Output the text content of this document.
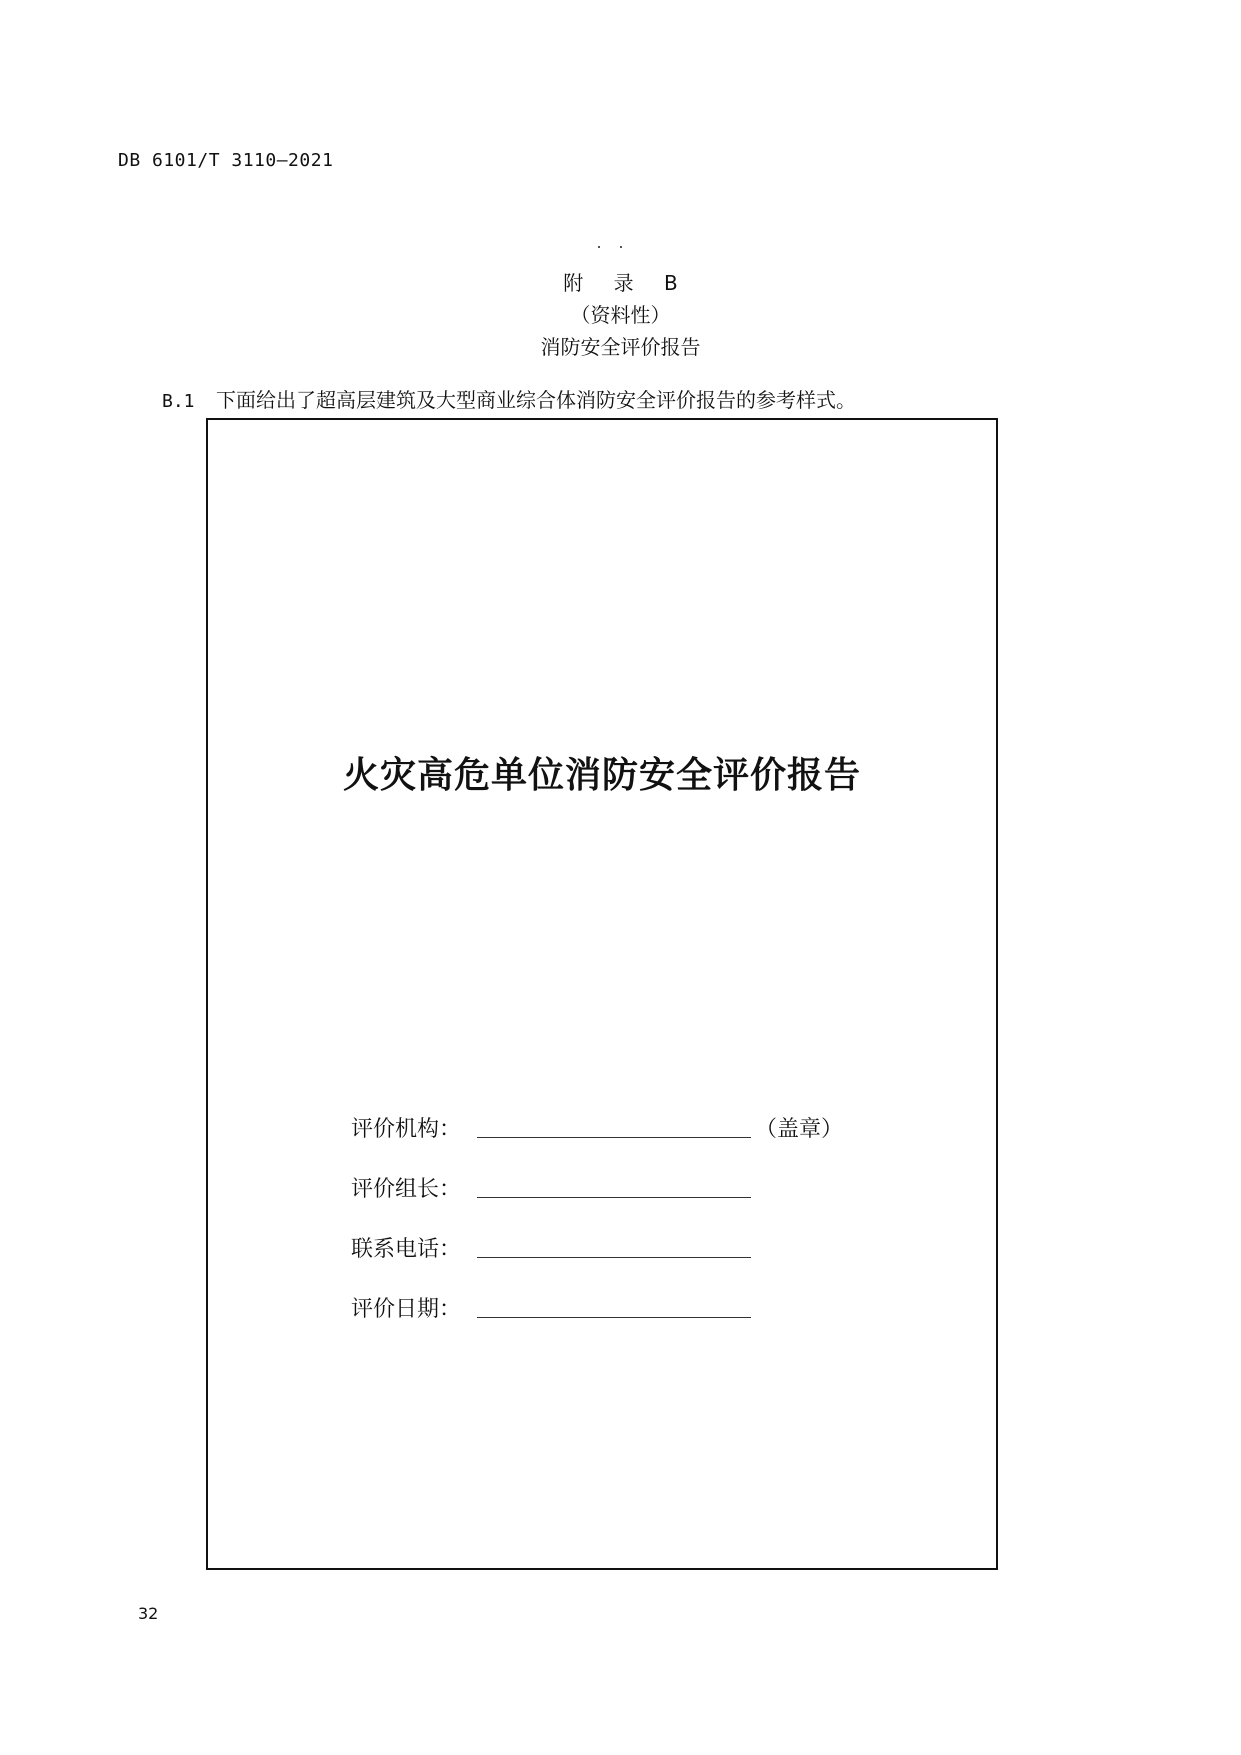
DB 6101/T 3110—2021
附 录 B
（资料性）
消防安全评价报告
B.1 下面给出了超高层建筑及大型商业综合体消防安全评价报告的参考样式。
火灾高危单位消防安全评价报告
评价机构：	（盖章）
评价组长：
联系电话：
评价日期：
32
